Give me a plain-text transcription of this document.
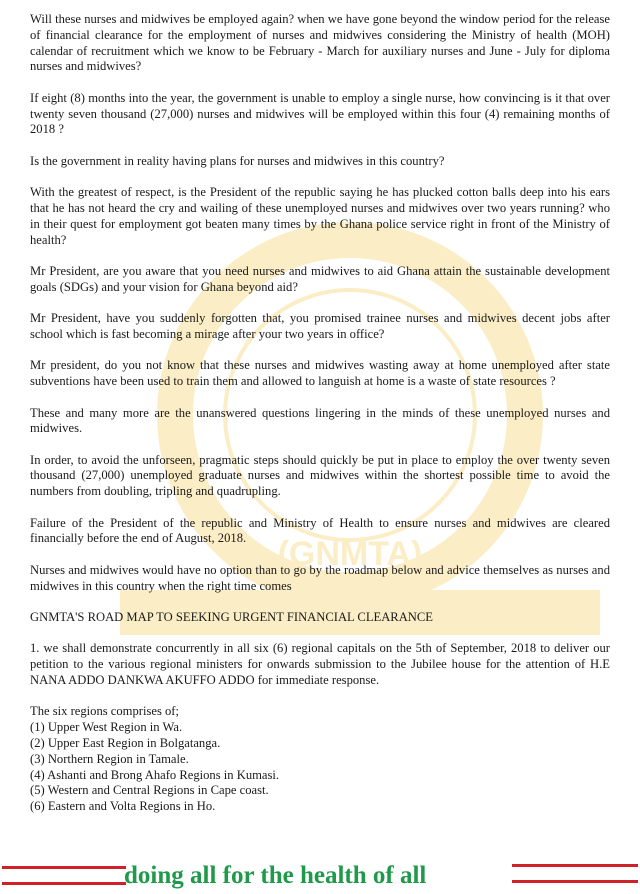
(GNMTA)

Will these nurses and midwives be employed again? when we have gone beyond the window period for the release of financial clearance for the employment of nurses and midwives considering the Ministry of health (MOH) calendar of recruitment which we know to be February - March for auxiliary nurses and June - July for diploma nurses and midwives?

If eight (8) months into the year, the government is unable to employ a single nurse, how convincing is it that over twenty seven thousand (27,000) nurses and midwives will be employed within this four (4) remaining months of 2018 ?

Is the government in reality having plans for nurses and midwives in this country?

With the greatest of respect, is the President of the republic saying he has plucked cotton balls deep into his ears that he has not heard the cry and wailing of these unemployed nurses and midwives over two years running? who in their quest for employment got beaten many times by the Ghana police service right in front of the Ministry of health?

Mr President, are you aware that you need nurses and midwives to aid Ghana attain the sustainable development goals (SDGs) and your vision for Ghana beyond aid?

Mr President, have you suddenly forgotten that, you promised trainee nurses and midwives decent jobs after school which is fast becoming a mirage after your two years in office?

Mr president, do you not know that these nurses and midwives wasting away at home unemployed after state subventions have been used to train them and allowed to languish at home is a waste of state resources ?

These and many more are the unanswered questions lingering in the minds of these unemployed nurses and midwives.

In order, to avoid the unforseen, pragmatic steps should quickly be put in place to employ the over twenty seven thousand (27,000) unemployed graduate nurses and midwives within the shortest possible time to avoid the numbers from doubling, tripling and quadrupling.

Failure of the President of the republic and Ministry of Health to ensure nurses and midwives are cleared financially before the end of August, 2018.

Nurses and midwives would have no option than to go by the roadmap below and advice themselves as nurses and midwives in this country when the right time comes

GNMTA'S ROAD MAP TO SEEKING URGENT FINANCIAL CLEARANCE

1. we shall demonstrate concurrently in all six (6) regional capitals on the 5th of September, 2018 to deliver our petition to the various regional ministers for onwards submission to the Jubilee house for the attention of H.E NANA ADDO DANKWA AKUFFO ADDO for immediate response.

The six regions comprises of;
(1) Upper West Region in Wa.
(2) Upper East Region in Bolgatanga.
(3) Northern Region in Tamale.
(4) Ashanti and Brong Ahafo Regions in Kumasi.
(5) Western and Central Regions in Cape coast.
(6) Eastern and Volta Regions in Ho.
doing all for the health of all
